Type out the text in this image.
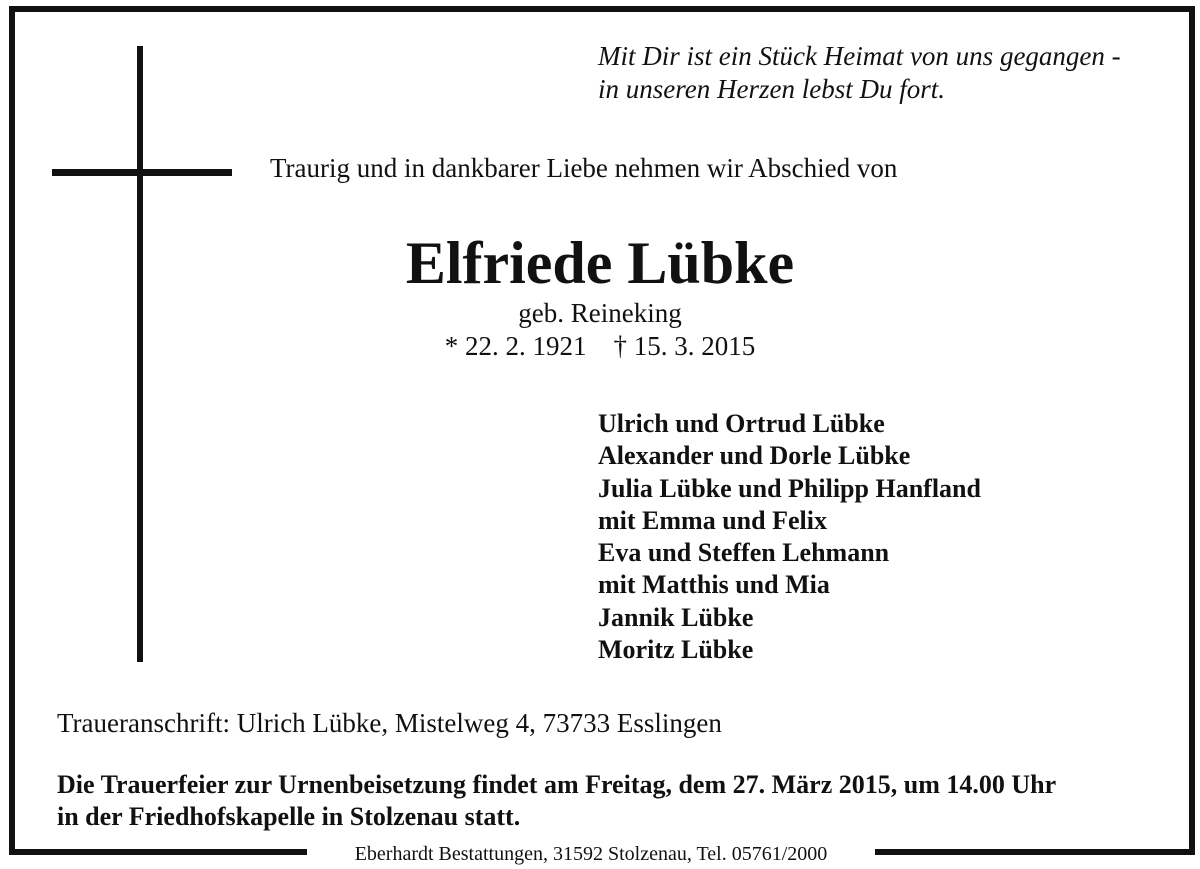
Mit Dir ist ein Stück Heimat von uns gegangen -
in unseren Herzen lebst Du fort.
Traurig und in dankbarer Liebe nehmen wir Abschied von
Elfriede Lübke
geb. Reineking
* 22. 2. 1921    † 15. 3. 2015
Ulrich und Ortrud Lübke
Alexander und Dorle Lübke
Julia Lübke und Philipp Hanfland
mit Emma und Felix
Eva und Steffen Lehmann
mit Matthis und Mia
Jannik Lübke
Moritz Lübke
Traueranschrift: Ulrich Lübke, Mistelweg 4, 73733 Esslingen
Die Trauerfeier zur Urnenbeisetzung findet am Freitag, dem 27. März 2015, um 14.00 Uhr
in der Friedhofskapelle in Stolzenau statt.
Eberhardt Bestattungen, 31592 Stolzenau, Tel. 05761/2000
